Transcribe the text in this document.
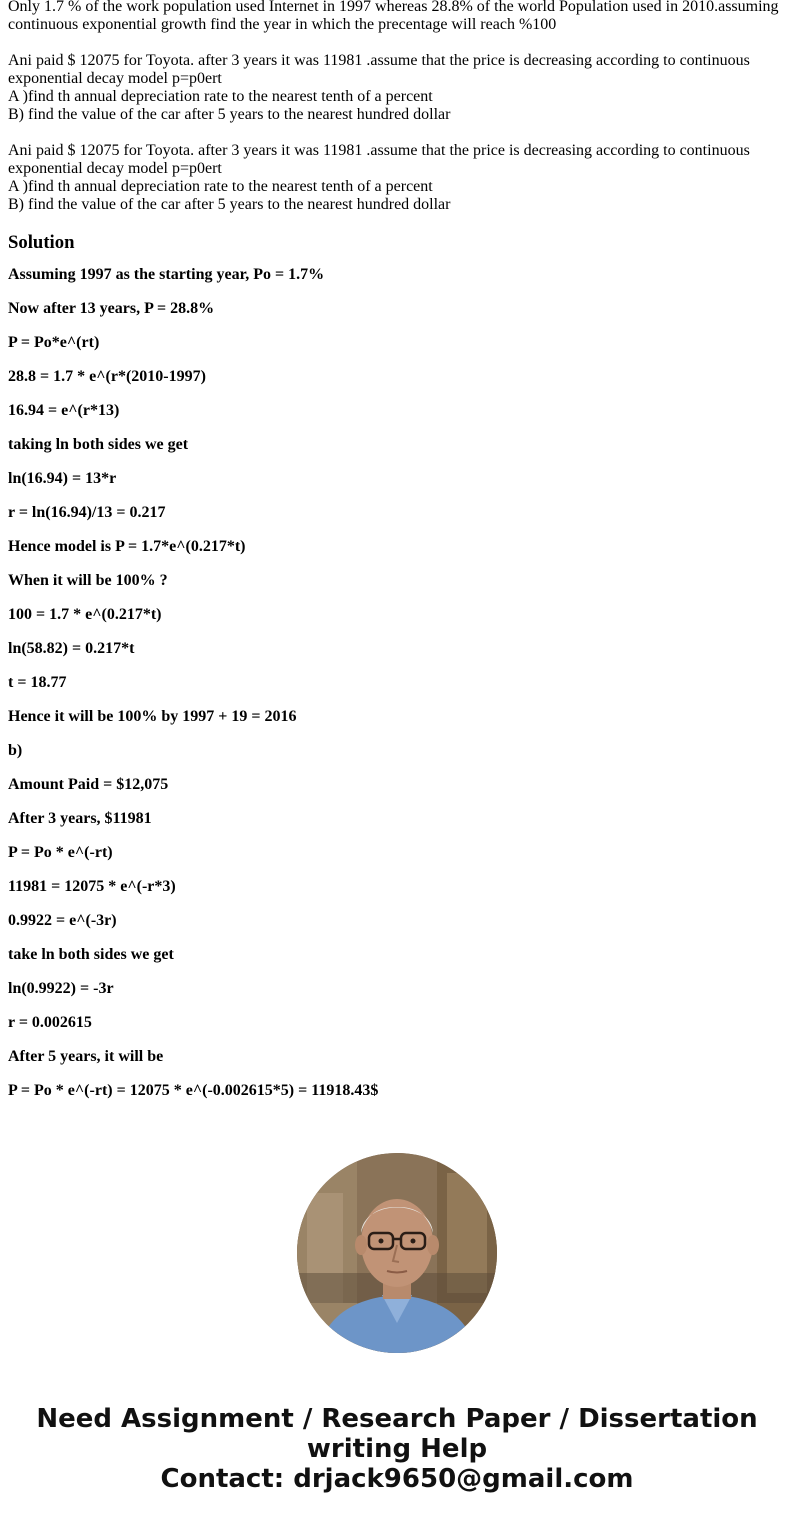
Only 1.7 % of the work population used Internet in 1997 whereas 28.8% of the world Population used in 2010.assuming continuous exponential growth find the year in which the precentage will reach %100

Ani paid $ 12075 for Toyota. after 3 years it was 11981 .assume that the price is decreasing according to continuous exponential decay model p=p0ert

A )find th annual depreciation rate to the nearest tenth of a percent

B) find the value of the car after 5 years to the nearest hundred dollar

Ani paid $ 12075 for Toyota. after 3 years it was 11981 .assume that the price is decreasing according to continuous exponential decay model p=p0ert

A )find th annual depreciation rate to the nearest tenth of a percent

B) find the value of the car after 5 years to the nearest hundred dollar

Solution
Assuming 1997 as the starting year, Po = 1.7%
Now after 13 years, P = 28.8%
P = Po*e^(rt)
28.8 = 1.7 * e^(r*(2010-1997)
16.94 = e^(r*13)
taking ln both sides we get
ln(16.94) = 13*r
r = ln(16.94)/13 = 0.217
Hence model is P = 1.7*e^(0.217*t)
When it will be 100% ?
100 = 1.7 * e^(0.217*t)
ln(58.82) = 0.217*t
t = 18.77
Hence it will be 100% by 1997 + 19 = 2016
b)
Amount Paid = $12,075
After 3 years, $11981
P = Po * e^(-rt)
11981 = 12075 * e^(-r*3)
0.9922 = e^(-3r)
take ln both sides we get
ln(0.9922) = -3r
r = 0.002615
After 5 years, it will be
P = Po * e^(-rt) = 12075 * e^(-0.002615*5) = 11918.43$
Need Assignment / Research Paper / Dissertation
writing Help
Contact: drjack9650@gmail.com
